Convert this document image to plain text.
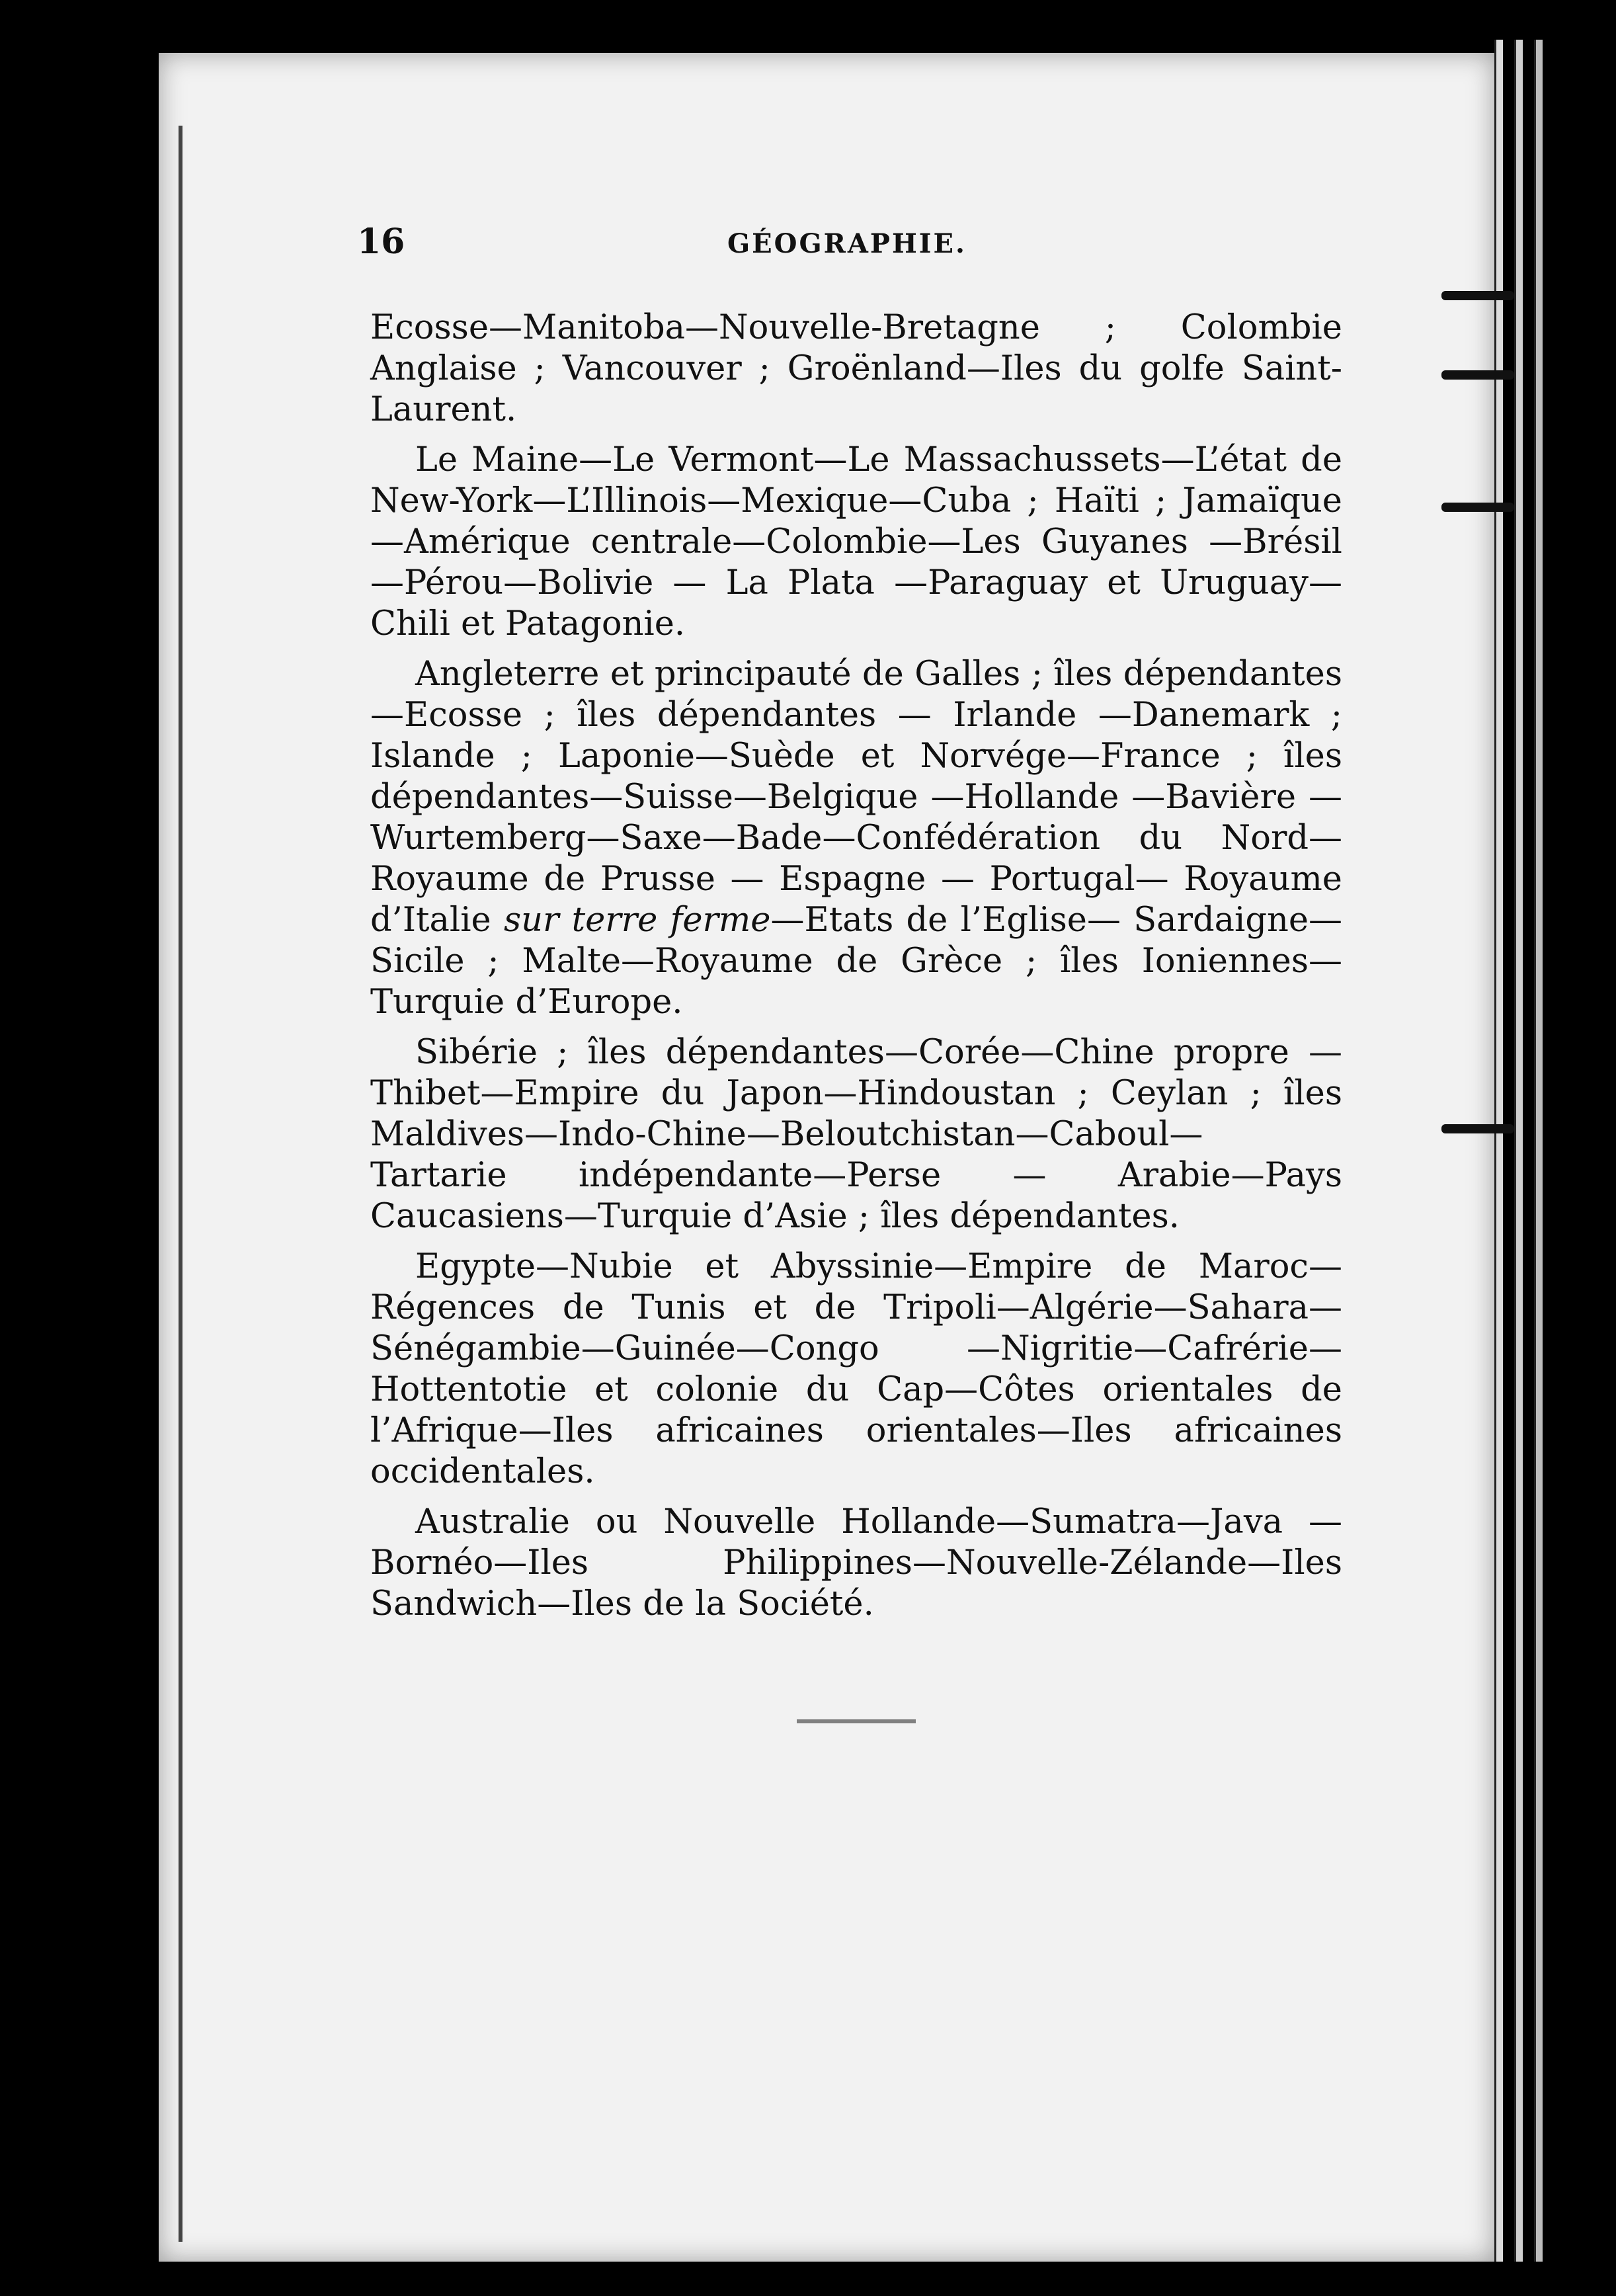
16	GÉOGRAPHIE.

Ecosse—Manitoba—Nouvelle-Bretagne ; Colombie Anglaise ; Vancouver ; Groënland—Iles du golfe Saint-Laurent.

Le Maine—Le Vermont—Le Massachussets—L’état de New-York—L’Illinois—Mexique—Cuba ; Haïti ; Jamaïque—Amérique centrale—Colombie—Les Guyanes —Brésil—Pérou—Bolivie — La Plata —Paraguay et Uruguay—Chili et Patagonie.

Angleterre et principauté de Galles ; îles dépendantes—Ecosse ; îles dépendantes — Irlande —Danemark ; Islande ; Laponie—Suède et Norvége—France ; îles dépendantes—Suisse—Belgique —Hollande —Bavière — Wurtemberg—Saxe—Bade—Confédération du Nord—Royaume de Prusse — Espagne — Portugal— Royaume d’Italie sur terre ferme—Etats de l’Eglise— Sardaigne—Sicile ; Malte—Royaume de Grèce ; îles Ioniennes—Turquie d’Europe.

Sibérie ; îles dépendantes—Corée—Chine propre —Thibet—Empire du Japon—Hindoustan ; Ceylan ; îles Maldives—Indo-Chine—Beloutchistan—Caboul— Tartarie indépendante—Perse — Arabie—Pays Caucasiens—Turquie d’Asie ; îles dépendantes.

Egypte—Nubie et Abyssinie—Empire de Maroc— Régences de Tunis et de Tripoli—Algérie—Sahara— Sénégambie—Guinée—Congo —Nigritie—Cafrérie— Hottentotie et colonie du Cap—Côtes orientales de l’Afrique—Iles africaines orientales—Iles africaines occidentales.

Australie ou Nouvelle Hollande—Sumatra—Java —Bornéo—Iles Philippines—Nouvelle-Zélande—Iles Sandwich—Iles de la Société.
